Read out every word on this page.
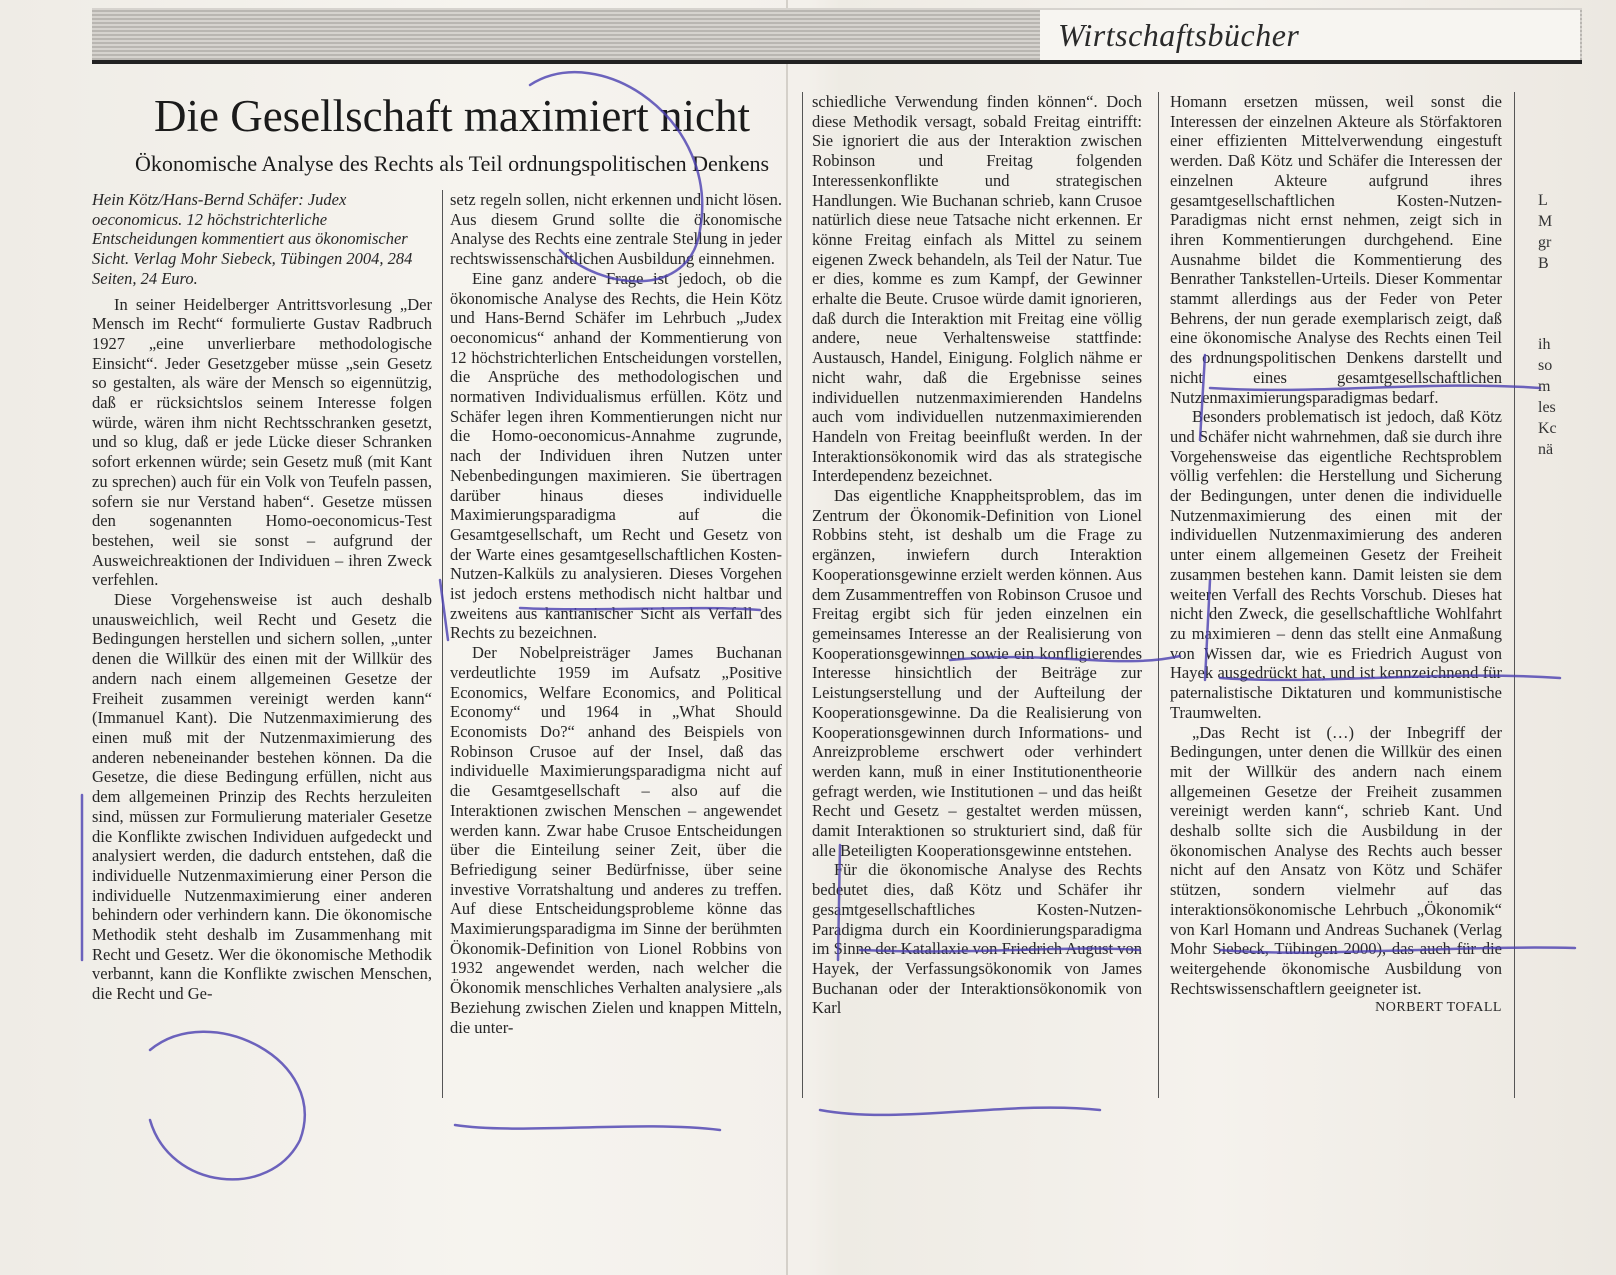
Wirtschaftsbücher
Die Gesellschaft maximiert nicht
Ökonomische Analyse des Rechts als Teil ordnungspolitischen Denkens

Hein Kötz/Hans-Bernd Schäfer: Judex oeconomicus. 12 höchstrichterliche Entscheidungen kommentiert aus ökonomischer Sicht. Verlag Mohr Siebeck, Tübingen 2004, 284 Seiten, 24 Euro.

In seiner Heidelberger Antrittsvorlesung „Der Mensch im Recht“ formulierte Gustav Radbruch 1927 „eine unverlierbare methodologische Einsicht“. Jeder Gesetzgeber müsse „sein Gesetz so gestalten, als wäre der Mensch so eigennützig, daß er rücksichtslos seinem Interesse folgen würde, wären ihm nicht Rechtsschranken gesetzt, und so klug, daß er jede Lücke dieser Schranken sofort erkennen würde; sein Gesetz muß (mit Kant zu sprechen) auch für ein Volk von Teufeln passen, sofern sie nur Verstand haben“. Gesetze müssen den sogenannten Homo-oeconomicus-Test bestehen, weil sie sonst – aufgrund der Ausweichreaktionen der Individuen – ihren Zweck verfehlen.

Diese Vorgehensweise ist auch deshalb unausweichlich, weil Recht und Gesetz die Bedingungen herstellen und sichern sollen, „unter denen die Willkür des einen mit der Willkür des andern nach einem allgemeinen Gesetze der Freiheit zusammen vereinigt werden kann“ (Immanuel Kant). Die Nutzenmaximierung des einen muß mit der Nutzenmaximierung des anderen nebeneinander bestehen können. Da die Gesetze, die diese Bedingung erfüllen, nicht aus dem allgemeinen Prinzip des Rechts herzuleiten sind, müssen zur Formulierung materialer Gesetze die Konflikte zwischen Individuen aufgedeckt und analysiert werden, die dadurch entstehen, daß die individuelle Nutzenmaximierung einer Person die individuelle Nutzenmaximierung einer anderen behindern oder verhindern kann. Die ökonomische Methodik steht deshalb im Zusammenhang mit Recht und Gesetz. Wer die ökonomische Methodik verbannt, kann die Konflikte zwischen Menschen, die Recht und Ge-

setz regeln sollen, nicht erkennen und nicht lösen. Aus diesem Grund sollte die ökonomische Analyse des Rechts eine zentrale Stellung in jeder rechtswissenschaftlichen Ausbildung einnehmen.

Eine ganz andere Frage ist jedoch, ob die ökonomische Analyse des Rechts, die Hein Kötz und Hans-Bernd Schäfer im Lehrbuch „Judex oeconomicus“ anhand der Kommentierung von 12 höchstrichterlichen Entscheidungen vorstellen, die Ansprüche des methodologischen und normativen Individualismus erfüllen. Kötz und Schäfer legen ihren Kommentierungen nicht nur die Homo-oeconomicus-Annahme zugrunde, nach der Individuen ihren Nutzen unter Nebenbedingungen maximieren. Sie übertragen darüber hinaus dieses individuelle Maximierungsparadigma auf die Gesamtgesellschaft, um Recht und Gesetz von der Warte eines gesamtgesellschaftlichen Kosten-Nutzen-Kalküls zu analysieren. Dieses Vorgehen ist jedoch erstens methodisch nicht haltbar und zweitens aus kantianischer Sicht als Verfall des Rechts zu bezeichnen.

Der Nobelpreisträger James Buchanan verdeutlichte 1959 im Aufsatz „Positive Economics, Welfare Economics, and Political Economy“ und 1964 in „What Should Economists Do?“ anhand des Beispiels von Robinson Crusoe auf der Insel, daß das individuelle Maximierungsparadigma nicht auf die Gesamtgesellschaft – also auf die Interaktionen zwischen Menschen – angewendet werden kann. Zwar habe Crusoe Entscheidungen über die Einteilung seiner Zeit, über die Befriedigung seiner Bedürfnisse, über seine investive Vorratshaltung und anderes zu treffen. Auf diese Entscheidungsprobleme könne das Maximierungsparadigma im Sinne der berühmten Ökonomik-Definition von Lionel Robbins von 1932 angewendet werden, nach welcher die Ökonomik menschliches Verhalten analysiere „als Beziehung zwischen Zielen und knappen Mitteln, die unter-

schiedliche Verwendung finden können“. Doch diese Methodik versagt, sobald Freitag eintrifft: Sie ignoriert die aus der Interaktion zwischen Robinson und Freitag folgenden Interessenkonflikte und strategischen Handlungen. Wie Buchanan schrieb, kann Crusoe natürlich diese neue Tatsache nicht erkennen. Er könne Freitag einfach als Mittel zu seinem eigenen Zweck behandeln, als Teil der Natur. Tue er dies, komme es zum Kampf, der Gewinner erhalte die Beute. Crusoe würde damit ignorieren, daß durch die Interaktion mit Freitag eine völlig andere, neue Verhaltensweise stattfinde: Austausch, Handel, Einigung. Folglich nähme er nicht wahr, daß die Ergebnisse seines individuellen nutzenmaximierenden Handelns auch vom individuellen nutzenmaximierenden Handeln von Freitag beeinflußt werden. In der Interaktionsökonomik wird das als strategische Interdependenz bezeichnet.

Das eigentliche Knappheitsproblem, das im Zentrum der Ökonomik-Definition von Lionel Robbins steht, ist deshalb um die Frage zu ergänzen, inwiefern durch Interaktion Kooperationsgewinne erzielt werden können. Aus dem Zusammentreffen von Robinson Crusoe und Freitag ergibt sich für jeden einzelnen ein gemeinsames Interesse an der Realisierung von Kooperationsgewinnen sowie ein konfligierendes Interesse hinsichtlich der Beiträge zur Leistungserstellung und der Aufteilung der Kooperationsgewinne. Da die Realisierung von Kooperationsgewinnen durch Informations- und Anreizprobleme erschwert oder verhindert werden kann, muß in einer Institutionentheorie gefragt werden, wie Institutionen – und das heißt Recht und Gesetz – gestaltet werden müssen, damit Interaktionen so strukturiert sind, daß für alle Beteiligten Kooperationsgewinne entstehen.

Für die ökonomische Analyse des Rechts bedeutet dies, daß Kötz und Schäfer ihr gesamtgesellschaftliches Kosten-Nutzen-Paradigma durch ein Koordinierungsparadigma im Sinne der Katallaxie von Friedrich August von Hayek, der Verfassungsökonomik von James Buchanan oder der Interaktionsökonomik von Karl

Homann ersetzen müssen, weil sonst die Interessen der einzelnen Akteure als Störfaktoren einer effizienten Mittelverwendung eingestuft werden. Daß Kötz und Schäfer die Interessen der einzelnen Akteure aufgrund ihres gesamtgesellschaftlichen Kosten-Nutzen-Paradigmas nicht ernst nehmen, zeigt sich in ihren Kommentierungen durchgehend. Eine Ausnahme bildet die Kommentierung des Benrather Tankstellen-Urteils. Dieser Kommentar stammt allerdings aus der Feder von Peter Behrens, der nun gerade exemplarisch zeigt, daß eine ökonomische Analyse des Rechts einen Teil des ordnungspolitischen Denkens darstellt und nicht eines gesamtgesellschaftlichen Nutzenmaximierungsparadigmas bedarf.

Besonders problematisch ist jedoch, daß Kötz und Schäfer nicht wahrnehmen, daß sie durch ihre Vorgehensweise das eigentliche Rechtsproblem völlig verfehlen: die Herstellung und Sicherung der Bedingungen, unter denen die individuelle Nutzenmaximierung des einen mit der individuellen Nutzenmaximierung des anderen unter einem allgemeinen Gesetz der Freiheit zusammen bestehen kann. Damit leisten sie dem weiteren Verfall des Rechts Vorschub. Dieses hat nicht den Zweck, die gesellschaftliche Wohlfahrt zu maximieren – denn das stellt eine Anmaßung von Wissen dar, wie es Friedrich August von Hayek ausgedrückt hat, und ist kennzeichnend für paternalistische Diktaturen und kommunistische Traumwelten.

„Das Recht ist (…) der Inbegriff der Bedingungen, unter denen die Willkür des einen mit der Willkür des andern nach einem allgemeinen Gesetze der Freiheit zusammen vereinigt werden kann“, schrieb Kant. Und deshalb sollte sich die Ausbildung in der ökonomischen Analyse des Rechts auch besser nicht auf den Ansatz von Kötz und Schäfer stützen, sondern vielmehr auf das interaktionsökonomische Lehrbuch „Ökonomik“ von Karl Homann und Andreas Suchanek (Verlag Mohr Siebeck, Tübingen 2000), das auch für die weitergehende ökonomische Ausbildung von Rechtswissenschaftlern geeigneter ist.

NORBERT TOFALL
L
M
gr
B
ih
so
m
les
Kc
nä
